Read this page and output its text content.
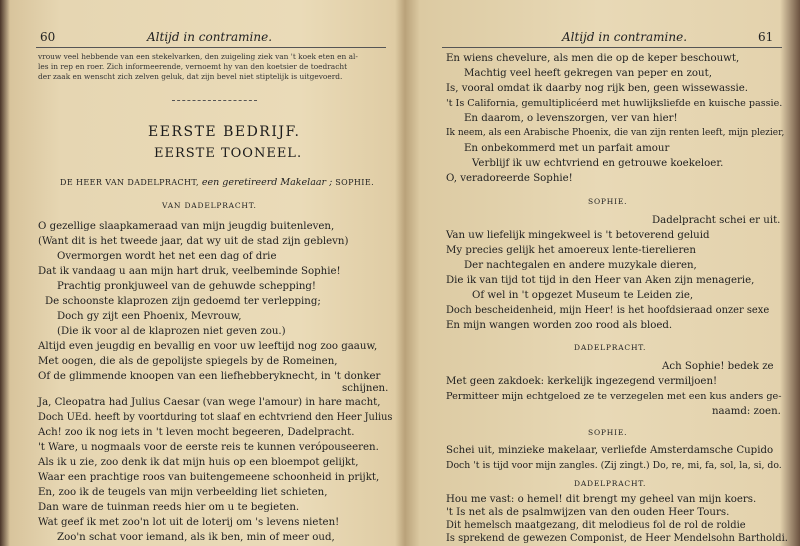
60	Altijd in contramine.
vrouw veel hebbende van een stekelvarken, den zuigeling ziek van 't koek eten en al-
les in rep en roer. Zich informeerende, vernoemt hy van den koetsier de toedracht
der zaak en wenscht zich zelven geluk, dat zijn bevel niet stiptelijk is uitgevoerd.
EERSTE BEDRIJF.
EERSTE TOONEEL.
DE HEER VAN DADELPRACHT, een geretireerd Makelaar ; SOPHIE.
VAN DADELPRACHT.
O gezellige slaapkameraad van mijn jeugdig buitenleven,
(Want dit is het tweede jaar, dat wy uit de stad zijn geblevn)
Overmorgen wordt het net een dag of drie
Dat ik vandaag u aan mijn hart druk, veelbeminde Sophie!
Prachtig pronkjuweel van de gehuwde schepping!
De schoonste klaprozen zijn gedoemd ter verlepping;
Doch gy zijt een Phoenix, Mevrouw,
(Die ik voor al de klaprozen niet geven zou.)
Altijd even jeugdig en bevallig en voor uw leeftijd nog zoo gaauw,
Met oogen, die als de gepolijste spiegels by de Romeinen,
Of de glimmende knoopen van een liefhebberyknecht, in 't donker
schijnen.
Ja, Cleopatra had Julius Caesar (van wege l'amour) in hare macht,
Doch UEd. heeft by voortduring tot slaaf en echtvriend den Heer Julius
Ach! zoo ik nog iets in 't leven mocht begeeren, Dadelpracht.
't Ware, u nogmaals voor de eerste reis te kunnen verópouseeren.
Als ik u zie, zoo denk ik dat mijn huis op een bloempot gelijkt,
Waar een prachtige roos van buitengemeene schoonheid in prijkt,
En, zoo ik de teugels van mijn verbeelding liet schieten,
Dan ware de tuinman reeds hier om u te begieten.
Wat geef ik met zoo'n lot uit de loterij om 's levens nieten!
Zoo'n schat voor iemand, als ik ben, min of meer oud,
Altijd in contramine.	61
En wiens chevelure, als men die op de keper beschouwt,
Machtig veel heeft gekregen van peper en zout,
Is, vooral omdat ik daarby nog rijk ben, geen wissewassie.
't Is California, gemultiplicéerd met huwlijksliefde en kuische passie.
En daarom, o levenszorgen, ver van hier!
Ik neem, als een Arabische Phoenix, die van zijn renten leeft, mijn plezier,
En onbekommerd met un parfait amour
Verblijf ik uw echtvriend en getrouwe koekeloer.
O, veradoreerde Sophie!
SOPHIE.
Dadelpracht schei er uit.
Van uw liefelijk mingekweel is 't betoverend geluid
My precies gelijk het amoereux lente-tierelieren
Der nachtegalen en andere muzykale dieren,
Die ik van tijd tot tijd in den Heer van Aken zijn menagerie,
Of wel in 't opgezet Museum te Leiden zie,
Doch bescheidenheid, mijn Heer! is het hoofdsieraad onzer sexe
En mijn wangen worden zoo rood als bloed.
DADELPRACHT.
Ach Sophie! bedek ze
Met geen zakdoek: kerkelijk ingezegend vermiljoen!
Permitteer mijn echtgeloed ze te verzegelen met een kus anders ge-
naamd: zoen.
SOPHIE.
Schei uit, minzieke makelaar, verliefde Amsterdamsche Cupido
Doch 't is tijd voor mijn zangles. (Zij zingt.) Do, re, mi, fa, sol, la, si, do.
DADELPRACHT.
Hou me vast: o hemel! dit brengt my geheel van mijn koers.
't Is net als de psalmwijzen van den ouden Heer Tours.
Dit hemelsch maatgezang, dit melodieus fol de rol de roldie
Is sprekend de gewezen Componist, de Heer Mendelsohn Bartholdi.
